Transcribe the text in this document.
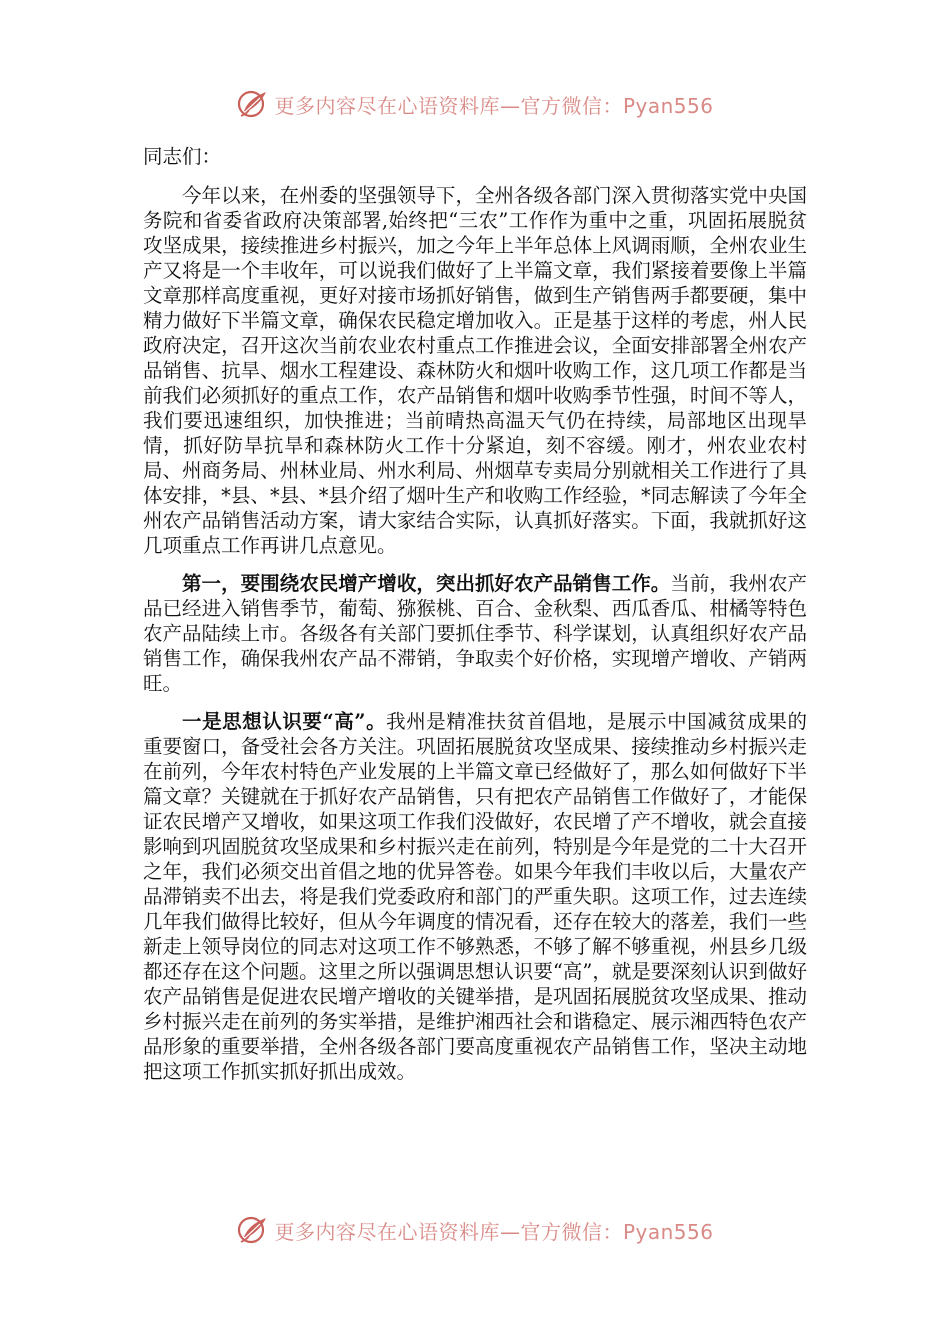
更多内容尽在心语资料库—官方微信：Pyan556

同志们：

今年以来，在州委的坚强领导下，全州各级各部门深入贯彻落实党中央国务院和省委省政府决策部署,始终把“三农”工作作为重中之重，巩固拓展脱贫攻坚成果，接续推进乡村振兴，加之今年上半年总体上风调雨顺，全州农业生产又将是一个丰收年，可以说我们做好了上半篇文章，我们紧接着要像上半篇文章那样高度重视，更好对接市场抓好销售，做到生产销售两手都要硬，集中精力做好下半篇文章，确保农民稳定增加收入。正是基于这样的考虑，州人民政府决定，召开这次当前农业农村重点工作推进会议，全面安排部署全州农产品销售、抗旱、烟水工程建设、森林防火和烟叶收购工作，这几项工作都是当前我们必须抓好的重点工作，农产品销售和烟叶收购季节性强，时间不等人，我们要迅速组织，加快推进；当前晴热高温天气仍在持续，局部地区出现旱情，抓好防旱抗旱和森林防火工作十分紧迫，刻不容缓。刚才，州农业农村局、州商务局、州林业局、州水利局、州烟草专卖局分别就相关工作进行了具体安排，*县、*县、*县介绍了烟叶生产和收购工作经验，*同志解读了今年全州农产品销售活动方案，请大家结合实际，认真抓好落实。下面，我就抓好这几项重点工作再讲几点意见。

第一，要围绕农民增产增收，突出抓好农产品销售工作。当前，我州农产品已经进入销售季节，葡萄、猕猴桃、百合、金秋梨、西瓜香瓜、柑橘等特色农产品陆续上市。各级各有关部门要抓住季节、科学谋划，认真组织好农产品销售工作，确保我州农产品不滞销，争取卖个好价格，实现增产增收、产销两旺。

一是思想认识要“高”。我州是精准扶贫首倡地，是展示中国减贫成果的重要窗口，备受社会各方关注。巩固拓展脱贫攻坚成果、接续推动乡村振兴走在前列，今年农村特色产业发展的上半篇文章已经做好了，那么如何做好下半篇文章？关键就在于抓好农产品销售，只有把农产品销售工作做好了，才能保证农民增产又增收，如果这项工作我们没做好，农民增了产不增收，就会直接影响到巩固脱贫攻坚成果和乡村振兴走在前列，特别是今年是党的二十大召开之年，我们必须交出首倡之地的优异答卷。如果今年我们丰收以后，大量农产品滞销卖不出去，将是我们党委政府和部门的严重失职。这项工作，过去连续几年我们做得比较好，但从今年调度的情况看，还存在较大的落差，我们一些新走上领导岗位的同志对这项工作不够熟悉，不够了解不够重视，州县乡几级都还存在这个问题。这里之所以强调思想认识要“高”，就是要深刻认识到做好农产品销售是促进农民增产增收的关键举措，是巩固拓展脱贫攻坚成果、推动乡村振兴走在前列的务实举措，是维护湘西社会和谐稳定、展示湘西特色农产品形象的重要举措，全州各级各部门要高度重视农产品销售工作，坚决主动地把这项工作抓实抓好抓出成效。

更多内容尽在心语资料库—官方微信：Pyan556
